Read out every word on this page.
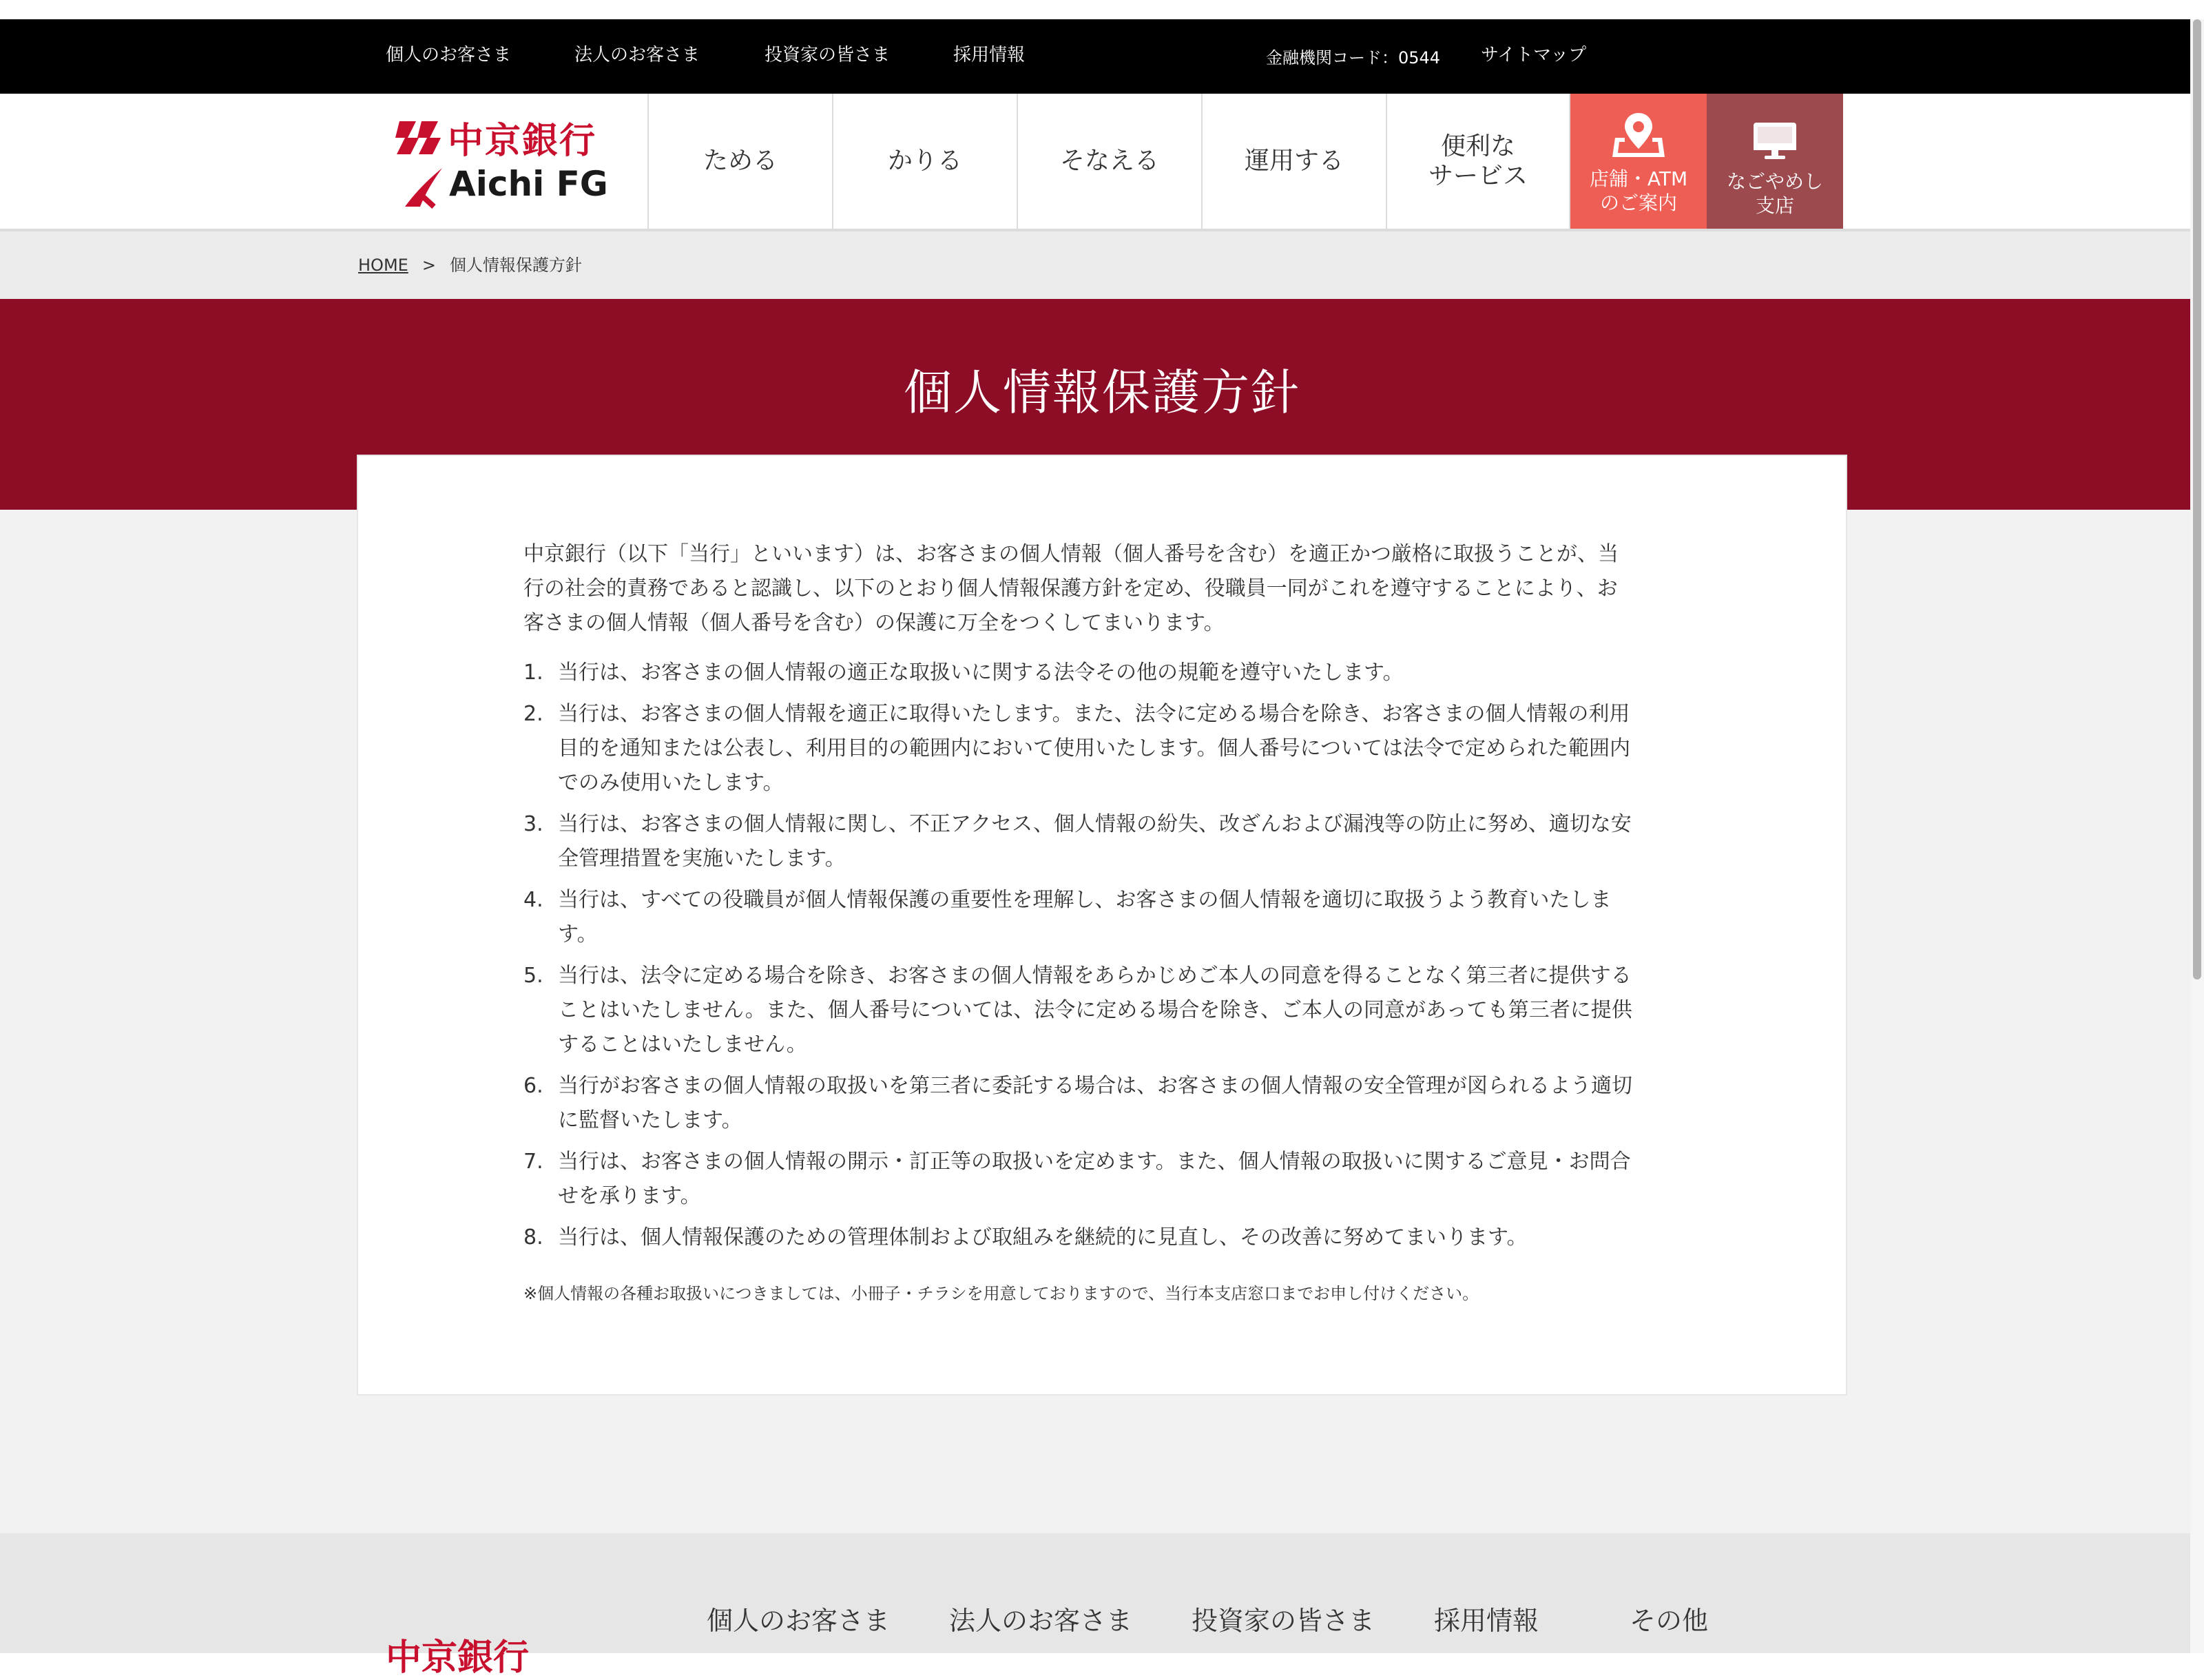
個人のお客さま	法人のお客さま	投資家の皆さま	採用情報	金融機関コード：0544 サイトマップ
中京銀行
Aichi FG
ためる	かりる	そなえる	運用する
便利な
サービス	店舗・ATM
のご案内
なごやめし
支店
HOME > 個人情報保護方針
個人情報保護方針
中京銀行（以下「当行」といいます）は、お客さまの個人情報（個人番号を含む）を適正かつ厳格に取扱うことが、当
行の社会的責務であると認識し、以下のとおり個人情報保護方針を定め、役職員一同がこれを遵守することにより、お
客さまの個人情報（個人番号を含む）の保護に万全をつくしてまいります。
1. 当行は、お客さまの個人情報の適正な取扱いに関する法令その他の規範を遵守いたします。
2. 当行は、お客さまの個人情報を適正に取得いたします。また、法令に定める場合を除き、お客さまの個人情報の利用
目的を通知または公表し、利用目的の範囲内において使用いたします。個人番号については法令で定められた範囲内
でのみ使用いたします。
3. 当行は、お客さまの個人情報に関し、不正アクセス、個人情報の紛失、改ざんおよび漏洩等の防止に努め、適切な安
全管理措置を実施いたします。
4. 当行は、すべての役職員が個人情報保護の重要性を理解し、お客さまの個人情報を適切に取扱うよう教育いたしま
す。
5. 当行は、法令に定める場合を除き、お客さまの個人情報をあらかじめご本人の同意を得ることなく第三者に提供する
ことはいたしません。また、個人番号については、法令に定める場合を除き、ご本人の同意があっても第三者に提供
することはいたしません。
6. 当行がお客さまの個人情報の取扱いを第三者に委託する場合は、お客さまの個人情報の安全管理が図られるよう適切
に監督いたします。
7. 当行は、お客さまの個人情報の開示・訂正等の取扱いを定めます。また、個人情報の取扱いに関するご意見・お問合
せを承ります。
8. 当行は、個人情報保護のための管理体制および取組みを継続的に見直し、その改善に努めてまいります。
※個人情報の各種お取扱いにつきましては、小冊子・チラシを用意しておりますので、当行本支店窓口までお申し付けください。
個人のお客さま 法人のお客さま 投資家の皆さま 採用情報	その他
中京銀行
